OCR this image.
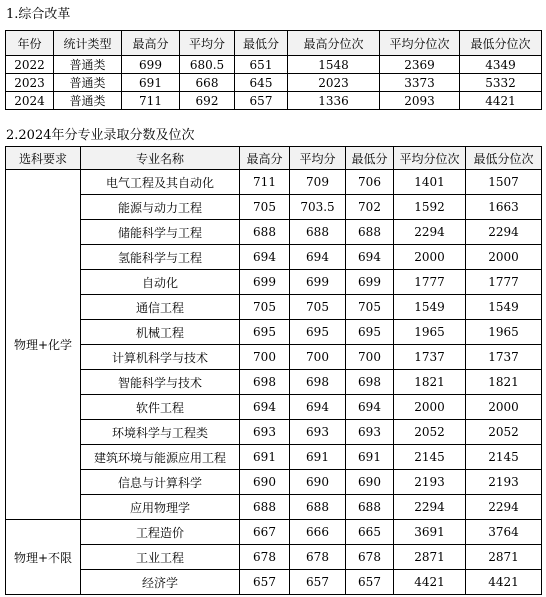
1.综合改革
年份	统计类型	最高分	平均分	最低分	最高分位次	平均分位次	最低分位次
2022	普通类	699	680.5	651	1548	2369	4349
2023	普通类	691	668	645	2023	3373	5332
2024	普通类	711	692	657	1336	2093	4421
2.2024年分专业录取分数及位次
选科要求	专业名称	最高分	平均分	最低分	平均分位次	最低分位次
物理+化学	电气工程及其自动化	711	709	706	1401	1507
	能源与动力工程	705	703.5	702	1592	1663
	储能科学与工程	688	688	688	2294	2294
	氢能科学与工程	694	694	694	2000	2000
	自动化	699	699	699	1777	1777
	通信工程	705	705	705	1549	1549
	机械工程	695	695	695	1965	1965
	计算机科学与技术	700	700	700	1737	1737
	智能科学与技术	698	698	698	1821	1821
	软件工程	694	694	694	2000	2000
	环境科学与工程类	693	693	693	2052	2052
	建筑环境与能源应用工程	691	691	691	2145	2145
	信息与计算科学	690	690	690	2193	2193
	应用物理学	688	688	688	2294	2294
物理+不限	工程造价	667	666	665	3691	3764
	工业工程	678	678	678	2871	2871
	经济学	657	657	657	4421	4421
